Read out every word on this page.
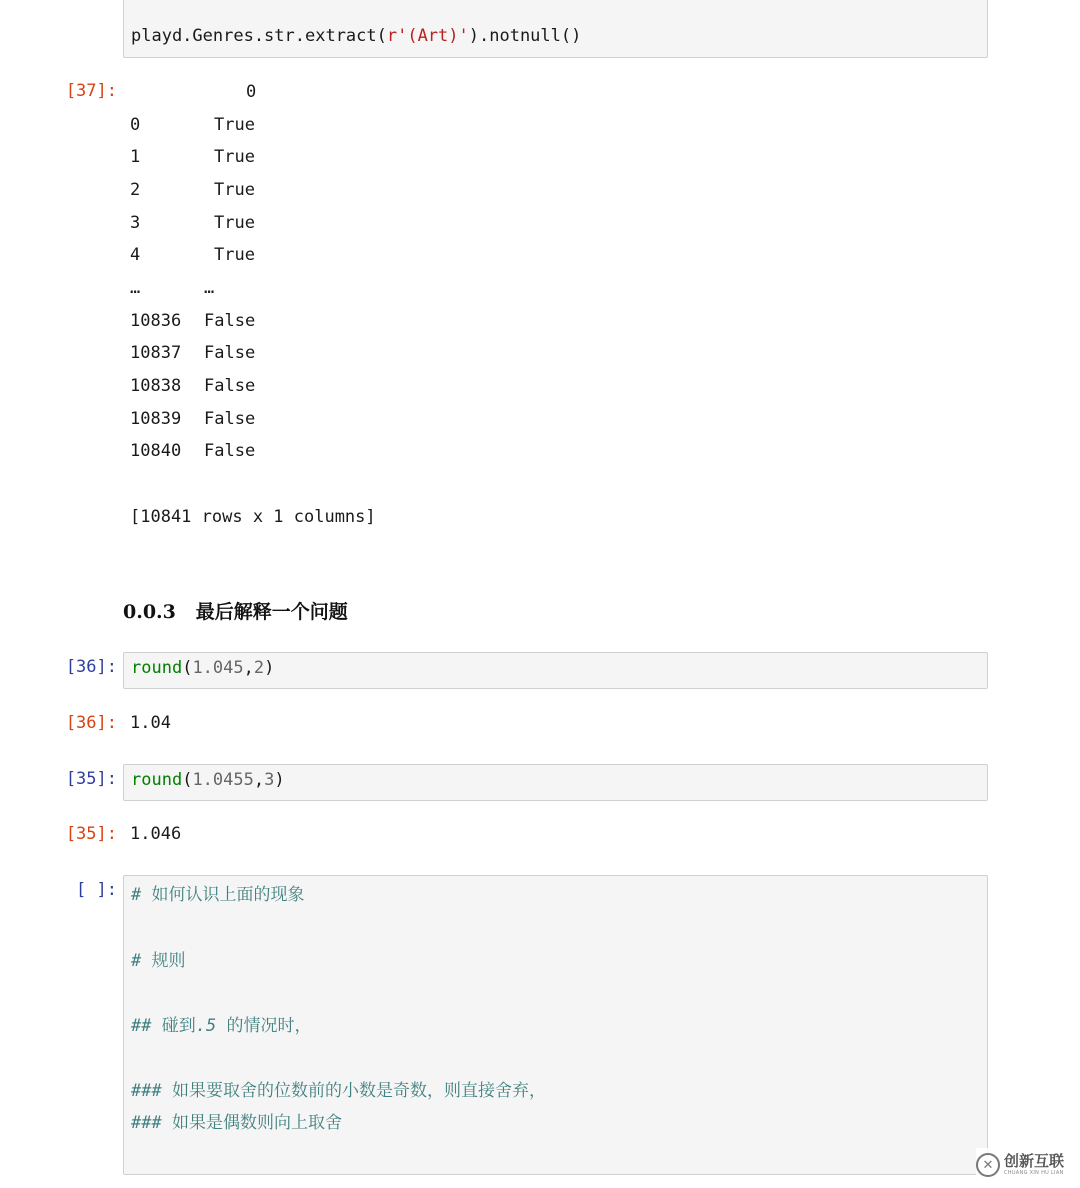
playd.Genres.str.extract(r'(Art)').notnull()
[37]:	0
0	True
1	True
2	True
3	True
4	True
…	…
10836 False
10837 False
10838 False
10839 False
10840 False
[10841 rows x 1 columns]
0.0.3 最后解释一个问题
[36]: round(1.045,2)
[36]: 1.04
[35]: round(1.0455,3)
[35]: 1.046
[ ]: # 如何认识上面的现象
# 规则
## 碰到.5 的情况时，
### 如果要取舍的位数前的小数是奇数，则直接舍弃，
### 如果是偶数则向上取舍
✕ 创新互联
CHUANG XIN HU LIAN
